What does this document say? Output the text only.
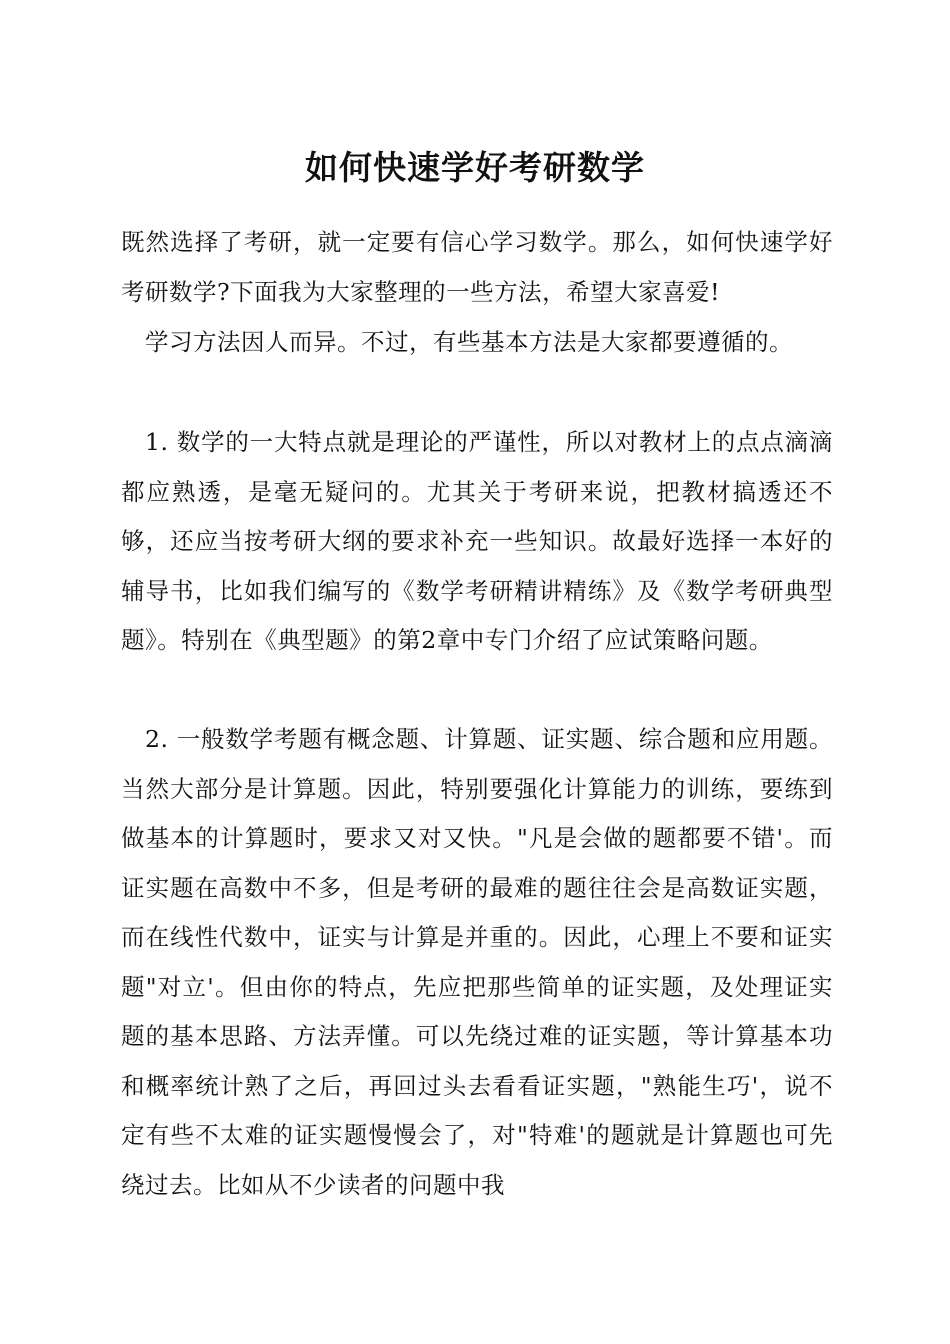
如何快速学好考研数学

既然选择了考研，就一定要有信心学习数学。那么，如何快速学好考研数学?下面我为大家整理的一些方法，希望大家喜爱!

学习方法因人而异。不过，有些基本方法是大家都要遵循的。

1. 数学的一大特点就是理论的严谨性，所以对教材上的点点滴滴都应熟透，是毫无疑问的。尤其关于考研来说，把教材搞透还不够，还应当按考研大纲的要求补充一些知识。故最好选择一本好的辅导书，比如我们编写的《数学考研精讲精练》及《数学考研典型题》。特别在《典型题》的第2章中专门介绍了应试策略问题。

2. 一般数学考题有概念题、计算题、证实题、综合题和应用题。当然大部分是计算题。因此，特别要强化计算能力的训练，要练到做基本的计算题时，要求又对又快。"凡是会做的题都要不错'。而证实题在高数中不多，但是考研的最难的题往往会是高数证实题，而在线性代数中，证实与计算是并重的。因此，心理上不要和证实题"对立'。但由你的特点，先应把那些简单的证实题，及处理证实题的基本思路、方法弄懂。可以先绕过难的证实题，等计算基本功和概率统计熟了之后，再回过头去看看证实题，"熟能生巧'，说不定有些不太难的证实题慢慢会了，对"特难'的题就是计算题也可先绕过去。比如从不少读者的问题中我
